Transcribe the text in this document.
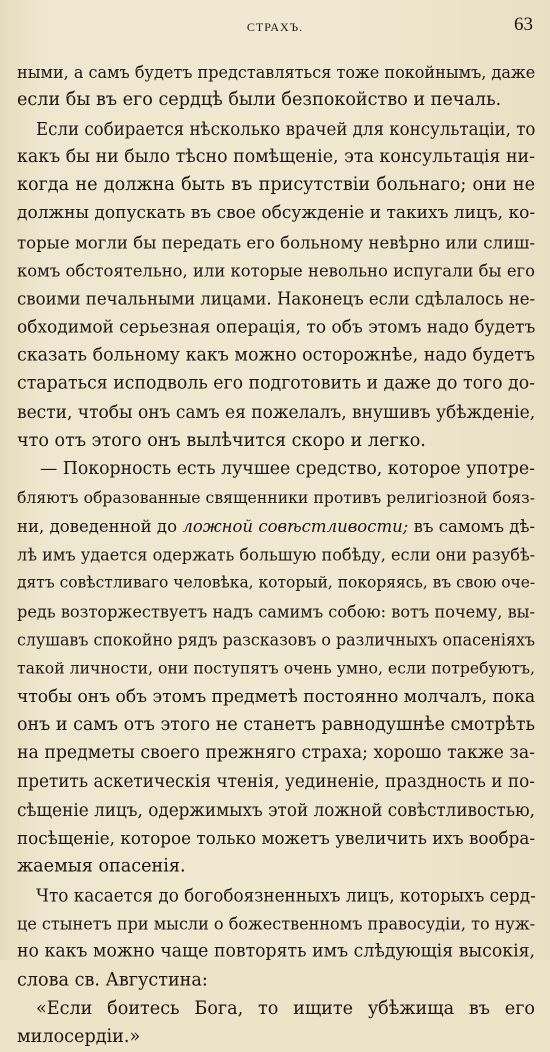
СТРАХЪ.	63

ными, а самъ будетъ представляться тоже покойнымъ, даже
если бы въ его сердцѣ были безпокойство и печаль.

Если собирается нѣсколько врачей для консультаціи, то
какъ бы ни было тѣсно помѣщеніе, эта консультація ни-
когда не должна быть въ присутствіи больнаго; они не
должны допускать въ свое обсужденіе и такихъ лицъ, ко-
торые могли бы передать его больному невѣрно или слиш-
комъ обстоятельно, или которые невольно испугали бы его
своими печальными лицами. Наконецъ если сдѣлалось не-
обходимой серьезная операція, то объ этомъ надо будетъ
сказать больному какъ можно осторожнѣе, надо будетъ
стараться исподволь его подготовить и даже до того до-
вести, чтобы онъ самъ ея пожелалъ, внушивъ убѣжденіе,
что отъ этого онъ вылѣчится скоро и легко.

— Покорность есть лучшее средство, которое употре-
бляютъ образованные священники противъ религіозной бояз-
ни, доведенной до ложной совѣстливости; въ самомъ дѣ-
лѣ имъ удается одержать большую побѣду, если они разубѣ-
дятъ совѣстливаго человѣка, который, покоряясь, въ свою оче-
редь возторжествуетъ надъ самимъ собою: вотъ почему, вы-
слушавъ спокойно рядъ разсказовъ о различныхъ опасеніяхъ
такой личности, они поступятъ очень умно, если потребуютъ,
чтобы онъ объ этомъ предметѣ постоянно молчалъ, пока
онъ и самъ отъ этого не станетъ равнодушнѣе смотрѣть
на предметы своего прежняго страха; хорошо также за-
претить аскетическія чтенія, уединеніе, праздность и по-
сѣщеніе лицъ, одержимыхъ этой ложной совѣстливостью,
посѣщеніе, которое только можетъ увеличить ихъ вообра-
жаемыя опасенія.

Что касается до богобоязненныхъ лицъ, которыхъ серд-
це стынетъ при мысли о божественномъ правосудіи, то нуж-
но какъ можно чаще повторять имъ слѣдующія высокія,
слова св. Августина:
«Если боитесь Бога, то ищите убѣжища въ его
милосердіи.»
